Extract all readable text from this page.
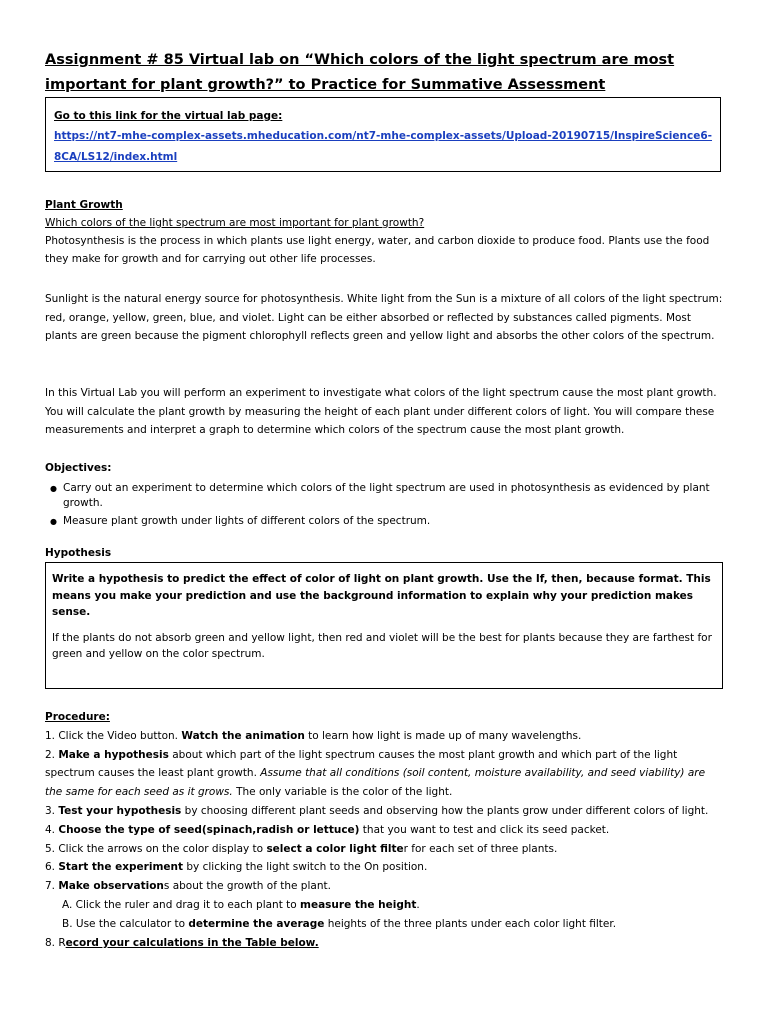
Assignment # 85 Virtual lab on “Which colors of the light spectrum are most important for plant growth?” to Practice for Summative Assessment
Go to this link for the virtual lab page:
https://nt7-mhe-complex-assets.mheducation.com/nt7-mhe-complex-assets/Upload-20190715/InspireScience6-8CA/LS12/index.html
Plant Growth
Which colors of the light spectrum are most important for plant growth?
Photosynthesis is the process in which plants use light energy, water, and carbon dioxide to produce food. Plants use the food they make for growth and for carrying out other life processes.
Sunlight is the natural energy source for photosynthesis. White light from the Sun is a mixture of all colors of the light spectrum: red, orange, yellow, green, blue, and violet. Light can be either absorbed or reflected by substances called pigments. Most plants are green because the pigment chlorophyll reflects green and yellow light and absorbs the other colors of the spectrum.
In this Virtual Lab you will perform an experiment to investigate what colors of the light spectrum cause the most plant growth. You will calculate the plant growth by measuring the height of each plant under different colors of light. You will compare these measurements and interpret a graph to determine which colors of the spectrum cause the most plant growth.
Objectives:
● Carry out an experiment to determine which colors of the light spectrum are used in photosynthesis as evidenced by plant growth.
● Measure plant growth under lights of different colors of the spectrum.
Hypothesis
Write a hypothesis to predict the effect of color of light on plant growth. Use the If, then, because format. This means you make your prediction and use the background information to explain why your prediction makes sense.
If the plants do not absorb green and yellow light, then red and violet will be the best for plants because they are farthest for green and yellow on the color spectrum.

Procedure:

1. Click the Video button. Watch the animation to learn how light is made up of many wavelengths.

2. Make a hypothesis about which part of the light spectrum causes the most plant growth and which part of the light spectrum causes the least plant growth. Assume that all conditions (soil content, moisture availability, and seed viability) are the same for each seed as it grows. The only variable is the color of the light.

3. Test your hypothesis by choosing different plant seeds and observing how the plants grow under different colors of light.

4. Choose the type of seed(spinach,radish or lettuce) that you want to test and click its seed packet.

5. Click the arrows on the color display to select a color light filter for each set of three plants.

6. Start the experiment by clicking the light switch to the On position.

7. Make observations about the growth of the plant.

A. Click the ruler and drag it to each plant to measure the height.

B. Use the calculator to determine the average heights of the three plants under each color light filter.

8. Record your calculations in the Table below.
